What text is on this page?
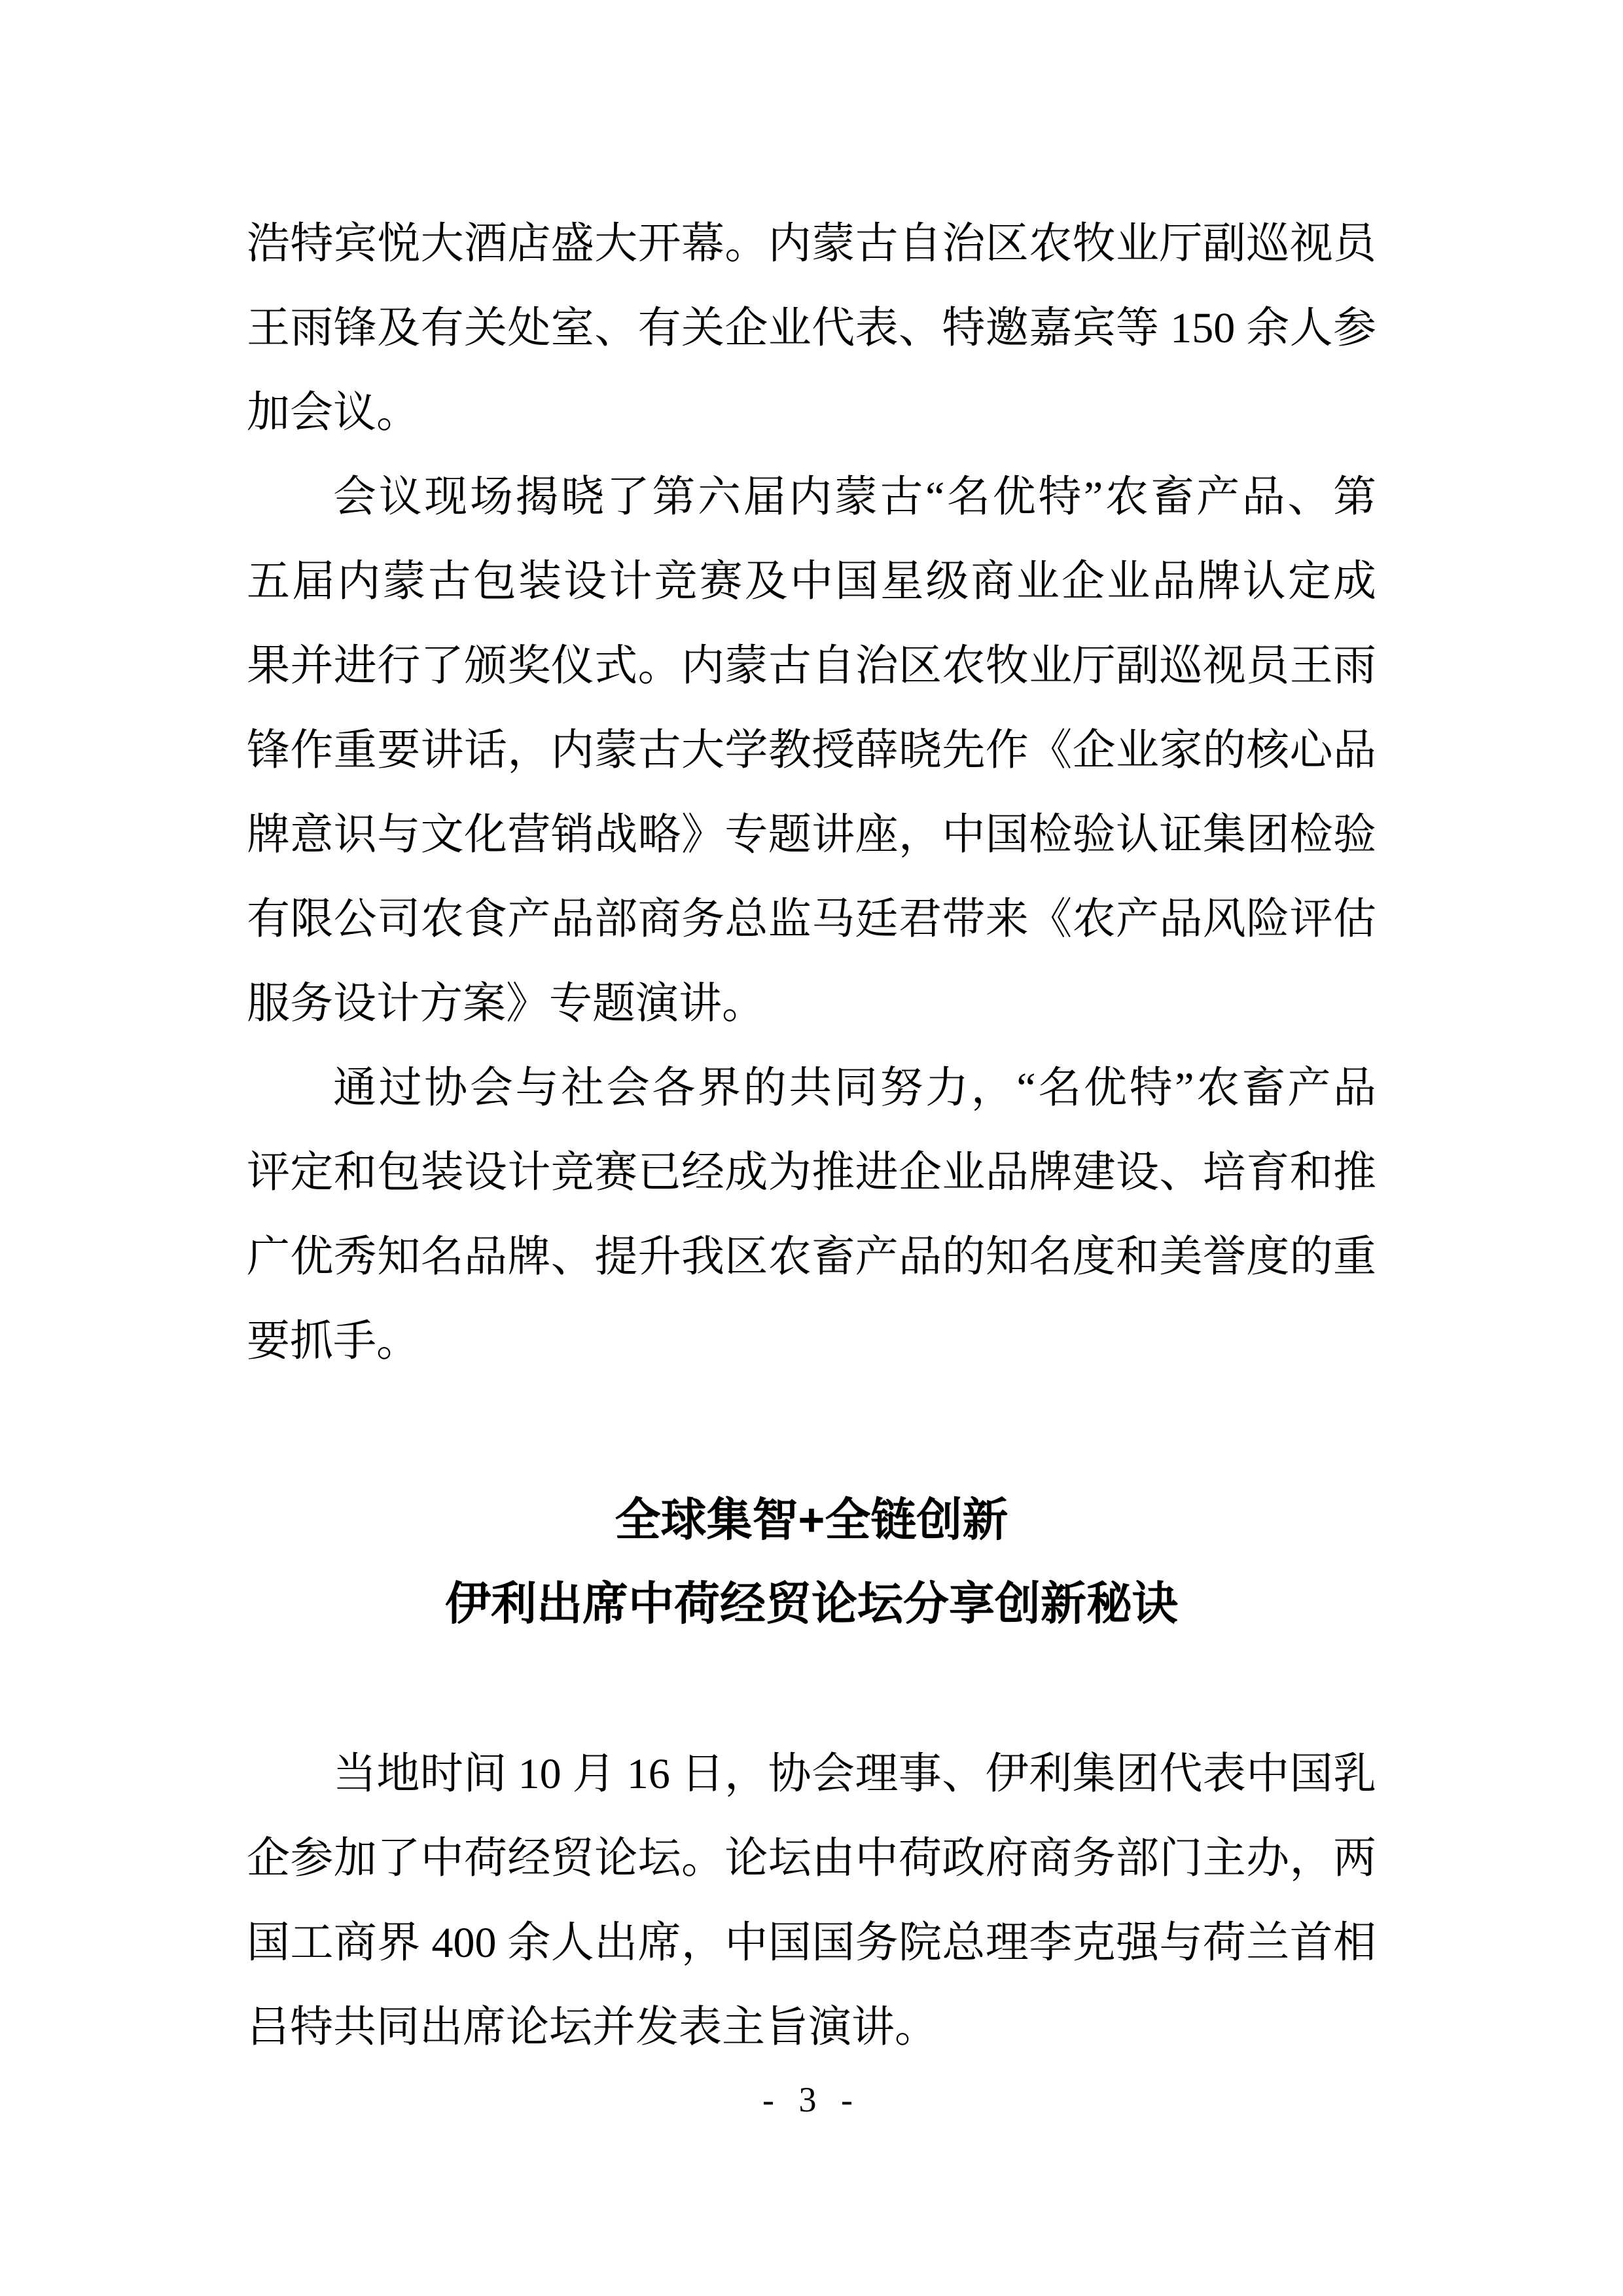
浩特宾悦大酒店盛大开幕。内蒙古自治区农牧业厅副巡视员
王雨锋及有关处室、有关企业代表、特邀嘉宾等 150 余人参
加会议。
会议现场揭晓了第六届内蒙古“名优特”农畜产品、第
五届内蒙古包装设计竞赛及中国星级商业企业品牌认定成
果并进行了颁奖仪式。内蒙古自治区农牧业厅副巡视员王雨
锋作重要讲话，内蒙古大学教授薛晓先作《企业家的核心品
牌意识与文化营销战略》专题讲座，中国检验认证集团检验
有限公司农食产品部商务总监马廷君带来《农产品风险评估
服务设计方案》专题演讲。
通过协会与社会各界的共同努力，“名优特”农畜产品
评定和包装设计竞赛已经成为推进企业品牌建设、培育和推
广优秀知名品牌、提升我区农畜产品的知名度和美誉度的重
要抓手。
全球集智+全链创新
伊利出席中荷经贸论坛分享创新秘诀
当地时间 10 月 16 日，协会理事、伊利集团代表中国乳
企参加了中荷经贸论坛。论坛由中荷政府商务部门主办，两
国工商界 400 余人出席，中国国务院总理李克强与荷兰首相
吕特共同出席论坛并发表主旨演讲。
- 3 -
